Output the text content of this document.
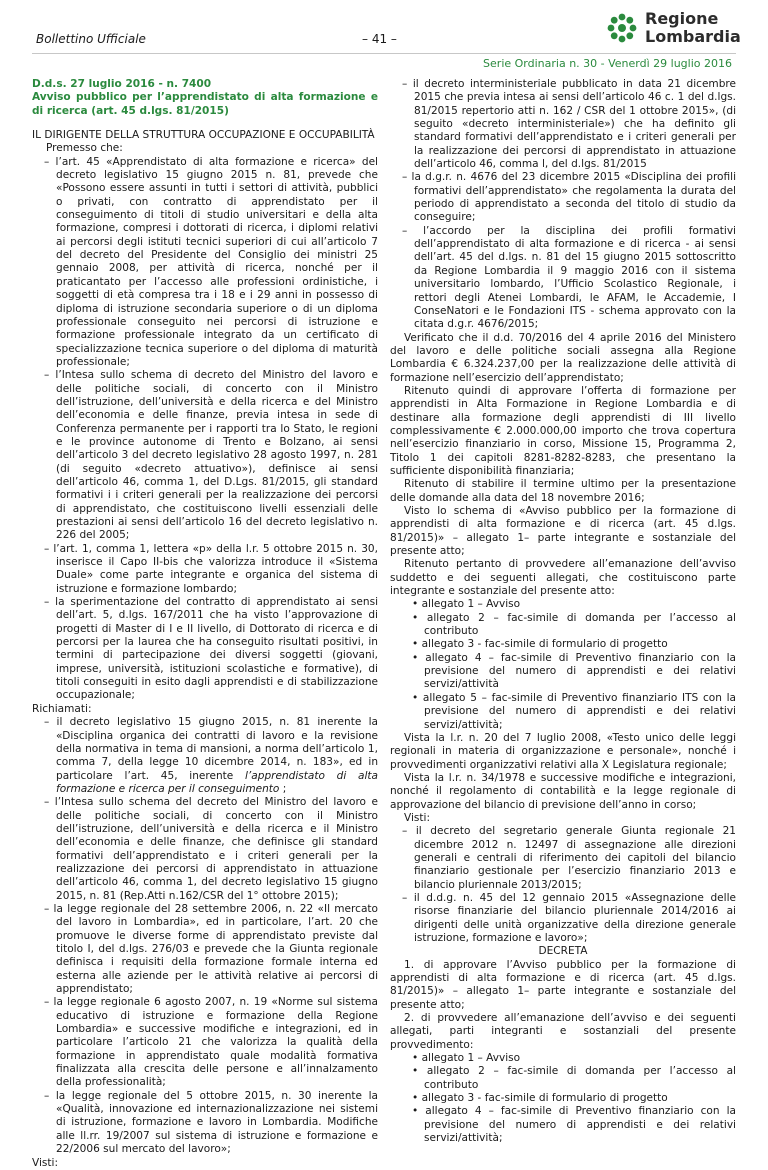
Bollettino Ufficiale	– 41 –
Regione
Lombardia
Serie Ordinaria n. 30 - Venerdì 29 luglio 2016

D.d.s. 27 luglio 2016 - n. 7400

Avviso pubblico per l’apprendistato di alta formazione e di ricerca (art. 45 d.lgs. 81/2015)

IL DIRIGENTE DELLA STRUTTURA OCCUPAZIONE E OCCUPABILITÀ

Premesso che:

– l’art. 45 «Apprendistato di alta formazione e ricerca» del decreto legislativo 15 giugno 2015 n. 81, prevede che «Possono essere assunti in tutti i settori di attività, pubblici o privati, con contratto di apprendistato per il conseguimento di titoli di studio universitari e della alta formazione, compresi i dottorati di ricerca, i diplomi relativi ai percorsi degli istituti tecnici superiori di cui all’articolo 7 del decreto del Presidente del Consiglio dei ministri 25 gennaio 2008, per attività di ricerca, nonché per il praticantato per l’accesso alle professioni ordinistiche, i soggetti di età compresa tra i 18 e i 29 anni in possesso di diploma di istruzione secondaria superiore o di un diploma professionale conseguito nei percorsi di istruzione e formazione professionale integrato da un certificato di specializzazione tecnica superiore o del diploma di maturità professionale;

– l’Intesa sullo schema di decreto del Ministro del lavoro e delle politiche sociali, di concerto con il Ministro dell’istruzione, dell’università e della ricerca e del Ministro dell’economia e delle finanze, previa intesa in sede di Conferenza permanente per i rapporti tra lo Stato, le regioni e le province autonome di Trento e Bolzano, ai sensi dell’articolo 3 del decreto legislativo 28 agosto 1997, n. 281 (di seguito «decreto attuativo»), definisce ai sensi dell’articolo 46, comma 1, del D.Lgs. 81/2015, gli standard formativi i i criteri generali per la realizzazione dei percorsi di apprendistato, che costituiscono livelli essenziali delle prestazioni ai sensi dell’articolo 16 del decreto legislativo n. 226 del 2005;

– l’art. 1, comma 1, lettera «p» della l.r. 5 ottobre 2015 n. 30, inserisce il Capo II-bis che valorizza introduce il «Sistema Duale» come parte integrante e organica del sistema di istruzione e formazione lombardo;

– la sperimentazione del contratto di apprendistato ai sensi dell’art. 5, d.lgs. 167/2011 che ha visto l’approvazione di progetti di Master di I e II livello, di Dottorato di ricerca e di percorsi per la laurea che ha conseguito risultati positivi, in termini di partecipazione dei diversi soggetti (giovani, imprese, università, istituzioni scolastiche e formative), di titoli conseguiti in esito dagli apprendisti e di stabilizzazione occupazionale;

Richiamati:

– il decreto legislativo 15 giugno 2015, n. 81 inerente la «Disciplina organica dei contratti di lavoro e la revisione della normativa in tema di mansioni, a norma dell’articolo 1, comma 7, della legge 10 dicembre 2014, n. 183», ed in particolare l’art. 45, inerente l’apprendistato di alta formazione e ricerca per il conseguimento ;

– l’Intesa sullo schema del decreto del Ministro del lavoro e delle politiche sociali, di concerto con il Ministro dell’istruzione, dell’università e della ricerca e il Ministro dell’economia e delle finanze, che definisce gli standard formativi dell’apprendistato e i criteri generali per la realizzazione dei percorsi di apprendistato in attuazione dell’articolo 46, comma 1, del decreto legislativo 15 giugno 2015, n. 81 (Rep.Atti n.162/CSR del 1° ottobre 2015);

– la legge regionale del 28 settembre 2006, n. 22 «Il mercato del lavoro in Lombardia», ed in particolare, l’art. 20 che promuove le diverse forme di apprendistato previste dal titolo I, del d.lgs. 276/03 e prevede che la Giunta regionale definisca i requisiti della formazione formale interna ed esterna alle aziende per le attività relative ai percorsi di apprendistato;

– la legge regionale 6 agosto 2007, n. 19 «Norme sul sistema educativo di istruzione e formazione della Regione Lombardia» e successive modifiche e integrazioni, ed in particolare l’articolo 21 che valorizza la qualità della formazione in apprendistato quale modalità formativa finalizzata alla crescita delle persone e all’innalzamento della professionalità;

– la legge regionale del 5 ottobre 2015, n. 30 inerente la «Qualità, innovazione ed internazionalizzazione nei sistemi di istruzione, formazione e lavoro in Lombardia. Modifiche alle ll.rr. 19/2007 sul sistema di istruzione e formazione e 22/2006 sul mercato del lavoro»;

Visti:

– il decreto interministeriale pubblicato in data 21 dicembre 2015 che previa intesa ai sensi dell’articolo 46 c. 1 del d.lgs. 81/2015 repertorio atti n. 162 / CSR del 1 ottobre 2015», (di seguito «decreto interministeriale») che ha definito gli standard formativi dell’apprendistato e i criteri generali per la realizzazione dei percorsi di apprendistato in attuazione dell’articolo 46, comma l, del d.lgs. 81/2015

– la d.g.r. n. 4676 del 23 dicembre 2015 «Disciplina dei profili formativi dell’apprendistato» che regolamenta la durata del periodo di apprendistato a seconda del titolo di studio da conseguire;

– l’accordo per la disciplina dei profili formativi dell’apprendistato di alta formazione e di ricerca - ai sensi dell’art. 45 del d.lgs. n. 81 del 15 giugno 2015 sottoscritto da Regione Lombardia il 9 maggio 2016 con il sistema universitario lombardo, l’Ufficio Scolastico Regionale, i rettori degli Atenei Lombardi, le AFAM, le Accademie, I ConseNatori e le Fondazioni ITS - schema approvato con la citata d.g.r. 4676/2015;

Verificato che il d.d. 70/2016 del 4 aprile 2016 del Ministero del lavoro e delle politiche sociali assegna alla Regione Lombardia € 6.324.237,00 per la realizzazione delle attività di formazione nell’esercizio dell’apprendistato;

Ritenuto quindi di approvare l’offerta di formazione per apprendisti in Alta Formazione in Regione Lombardia e di destinare alla formazione degli apprendisti di III livello complessivamente € 2.000.000,00 importo che trova copertura nell’esercizio finanziario in corso, Missione 15, Programma 2, Titolo 1 dei capitoli 8281-8282-8283, che presentano la sufficiente disponibilità finanziaria;

Ritenuto di stabilire il termine ultimo per la presentazione delle domande alla data del 18 novembre 2016;

Visto lo schema di «Avviso pubblico per la formazione di apprendisti di alta formazione e di ricerca (art. 45 d.lgs. 81/2015)» – allegato 1– parte integrante e sostanziale del presente atto;

Ritenuto pertanto di provvedere all’emanazione dell’avviso suddetto e dei seguenti allegati, che costituiscono parte integrante e sostanziale del presente atto:

• allegato 1 – Avviso

• allegato 2 – fac-simile di domanda per l’accesso al contributo

• allegato 3 - fac-simile di formulario di progetto

• allegato 4 – fac-simile di Preventivo finanziario con la previsione del numero di apprendisti e dei relativi servizi/attività

• allegato 5 – fac-simile di Preventivo finanziario ITS con la previsione del numero di apprendisti e dei relativi servizi/attività;

Vista la l.r. n. 20 del 7 luglio 2008, «Testo unico delle leggi regionali in materia di organizzazione e personale», nonché i provvedimenti organizzativi relativi alla X Legislatura regionale;

Vista la l.r. n. 34/1978 e successive modifiche e integrazioni, nonché il regolamento di contabilità e la legge regionale di approvazione del bilancio di previsione dell’anno in corso;

Visti:

– il decreto del segretario generale Giunta regionale 21 dicembre 2012 n. 12497 di assegnazione alle direzioni generali e centrali di riferimento dei capitoli del bilancio finanziario gestionale per l’esercizio finanziario 2013 e bilancio pluriennale 2013/2015;

– il d.d.g. n. 45 del 12 gennaio 2015 «Assegnazione delle risorse finanziarie del bilancio pluriennale 2014/2016 ai dirigenti delle unità organizzative della direzione generale istruzione, formazione e lavoro»;

DECRETA

1. di approvare l’Avviso pubblico per la formazione di apprendisti di alta formazione e di ricerca (art. 45 d.lgs. 81/2015)» – allegato 1– parte integrante e sostanziale del presente atto;

2. di provvedere all’emanazione dell’avviso e dei seguenti allegati, parti integranti e sostanziali del presente provvedimento:

• allegato 1 – Avviso

• allegato 2 – fac-simile di domanda per l’accesso al contributo

• allegato 3 - fac-simile di formulario di progetto

• allegato 4 – fac-simile di Preventivo finanziario con la previsione del numero di apprendisti e dei relativi servizi/attività;
